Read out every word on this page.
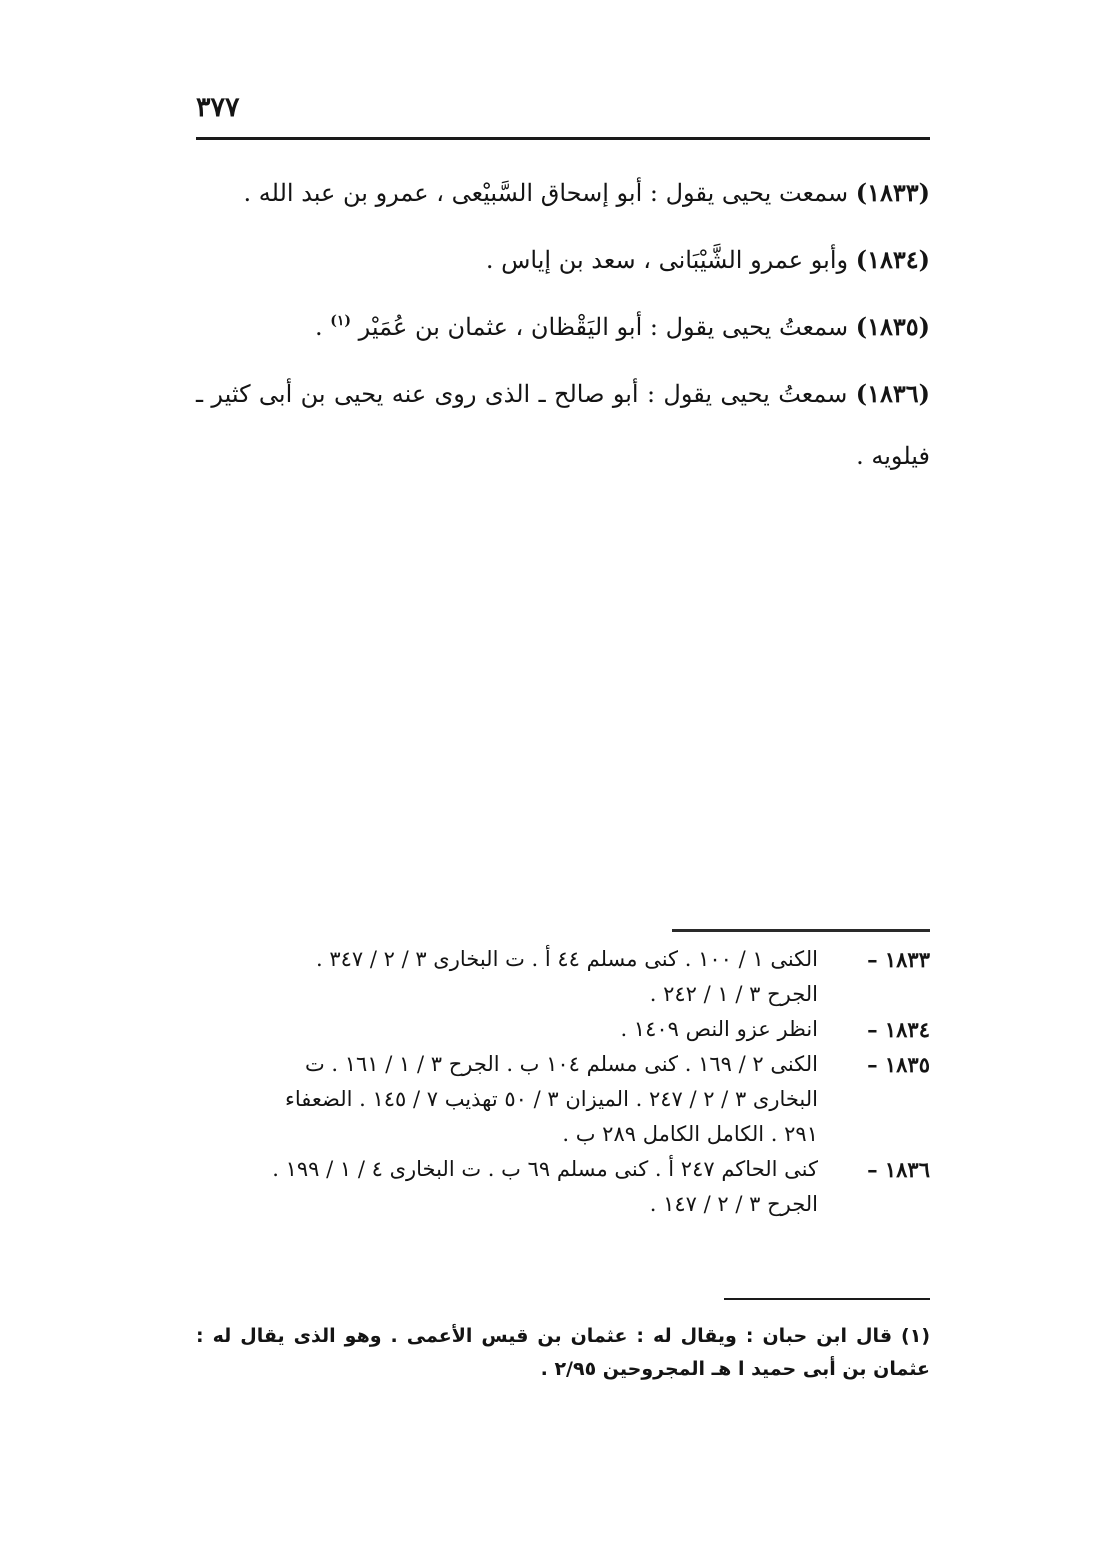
٣٧٧

(١٨٣٣) سمعت يحيى يقول : أبو إسحاق السَّبيْعى ، عمرو بن عبد الله .

(١٨٣٤) وأبو عمرو الشَّيْبَانى ، سعد بن إياس .

(١٨٣٥) سمعتُ يحيى يقول : أبو اليَقْظان ، عثمان بن عُمَيْر $^{(١)}$ .

(١٨٣٦) سمعتُ يحيى يقول : أبو صالح ـ الذى روى عنه يحيى بن أبى كثير ـ فيلويه .

١٨٣٣ –
الكنى ١ / ١٠٠ . كنى مسلم ٤٤ أ . ت البخارى ٣ / ٢ / ٣٤٧ .
الجرح ٣ / ١ / ٢٤٢ .
١٨٣٤ –
انظر عزو النص ١٤٠٩ .
١٨٣٥ –
الكنى ٢ / ١٦٩ . كنى مسلم ١٠٤ ب . الجرح ٣ / ١ / ١٦١ . ت
البخارى ٣ / ٢ / ٢٤٧ . الميزان ٣ / ٥٠ تهذيب ٧ / ١٤٥ . الضعفاء
٢٩١ . الكامل الكامل ٢٨٩ ب .
١٨٣٦ –
كنى الحاكم ٢٤٧ أ . كنى مسلم ٦٩ ب . ت البخارى ٤ / ١ / ١٩٩ .
الجرح ٣ / ٢ / ١٤٧ .
(١) قال ابن حبان : ويقال له : عثمان بن قيس الأعمى . وهو الذى يقال له : عثمان بن أبى حميد ا هـ المجروحين ٢/٩٥ .
